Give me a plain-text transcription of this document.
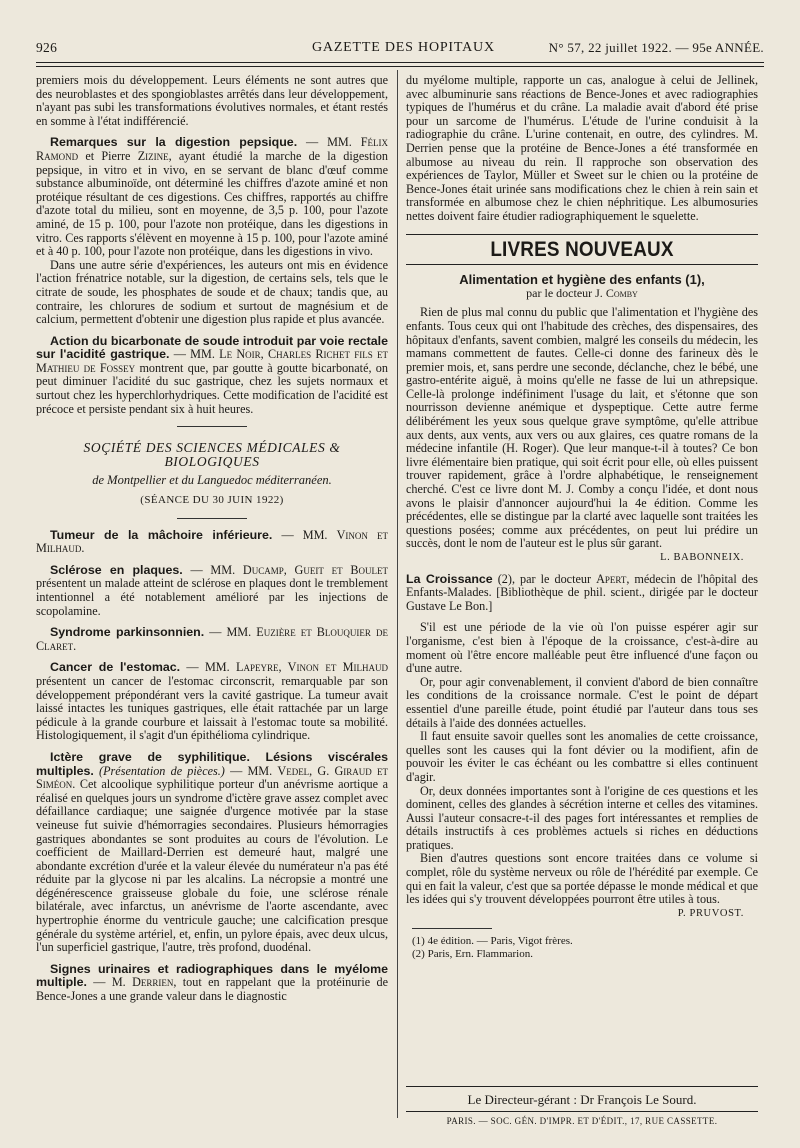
926	GAZETTE DES HOPITAUX	N° 57, 22 juillet 1922. — 95e ANNÉE.

premiers mois du développement. Leurs éléments ne sont autres que des neuroblastes et des spongioblastes arrêtés dans leur développement, n'ayant pas subi les transformations évolutives normales, et étant restés en somme à l'état indifférencié.

Remarques sur la digestion pepsique. — MM. Félix Ramond et Pierre Zizine, ayant étudié la marche de la digestion pepsique, in vitro et in vivo, en se servant de blanc d'œuf comme substance albuminoïde, ont déterminé les chiffres d'azote aminé et non protéique résultant de ces digestions. Ces chiffres, rapportés au chiffre d'azote total du milieu, sont en moyenne, de 3,5 p. 100, pour l'azote aminé, de 15 p. 100, pour l'azote non protéique, dans les digestions in vitro. Ces rapports s'élèvent en moyenne à 15 p. 100, pour l'azote aminé et à 40 p. 100, pour l'azote non protéique, dans les digestions in vivo.

Dans une autre série d'expériences, les auteurs ont mis en évidence l'action frénatrice notable, sur la digestion, de certains sels, tels que le citrate de soude, les phosphates de soude et de chaux; tandis que, au contraire, les chlorures de sodium et surtout de magnésium et de calcium, permettent d'obtenir une digestion plus rapide et plus avancée.

Action du bicarbonate de soude introduit par voie rectale sur l'acidité gastrique. — MM. Le Noir, Charles Richet fils et Mathieu de Fossey montrent que, par goutte à goutte bicarbonaté, on peut diminuer l'acidité du suc gastrique, chez les sujets normaux et surtout chez les hyperchlorhydriques. Cette modification de l'acidité est précoce et persiste pendant six à huit heures.

SOÇIÉTÉ DES SCIENCES MÉDICALES & BIOLOGIQUES
de Montpellier et du Languedoc méditerranéen.
(SÉANCE DU 30 JUIN 1922)

Tumeur de la mâchoire inférieure. — MM. Vinon et Milhaud.

Sclérose en plaques. — MM. Ducamp, Gueit et Boulet présentent un malade atteint de sclérose en plaques dont le tremblement intentionnel a été notablement amélioré par les injections de scopolamine.

Syndrome parkinsonnien. — MM. Euzière et Blouquier de Claret.

Cancer de l'estomac. — MM. Lapeyre, Vinon et Milhaud présentent un cancer de l'estomac circonscrit, remarquable par son développement prépondérant vers la cavité gastrique. La tumeur avait laissé intactes les tuniques gastriques, elle était rattachée par un large pédicule à la grande courbure et laissait à l'estomac toute sa mobilité. Histologiquement, il s'agit d'un épithélioma cylindrique.

Ictère grave de syphilitique. Lésions viscérales multiples. (Présentation de pièces.) — MM. Vedel, G. Giraud et Siméon. Cet alcoolique syphilitique porteur d'un anévrisme aortique a réalisé en quelques jours un syndrome d'ictère grave assez complet avec défaillance cardiaque; une saignée d'urgence motivée par la stase veineuse fut suivie d'hémorragies secondaires. Plusieurs hémorragies gastriques abondantes se sont produites au cours de l'évolution. Le coefficient de Maillard-Derrien est demeuré haut, malgré une abondante excrétion d'urée et la valeur élevée du numérateur n'a pas été réduite par la glycose ni par les alcalins. La nécropsie a montré une dégénérescence graisseuse globale du foie, une sclérose rénale bilatérale, avec infarctus, un anévrisme de l'aorte ascendante, avec hypertrophie énorme du ventricule gauche; une calcification presque générale du système artériel, et, enfin, un pylore épais, avec deux ulcus, l'un superficiel gastrique, l'autre, très profond, duodénal.

Signes urinaires et radiographiques dans le myélome multiple. — M. Derrien, tout en rappelant que la protéinurie de Bence-Jones a une grande valeur dans le diagnostic

du myélome multiple, rapporte un cas, analogue à celui de Jellinek, avec albuminurie sans réactions de Bence-Jones et avec radiographies typiques de l'humérus et du crâne. La maladie avait d'abord été prise pour un sarcome de l'humérus. L'étude de l'urine conduisit à la radiographie du crâne. L'urine contenait, en outre, des cylindres. M. Derrien pense que la protéine de Bence-Jones a été transformée en albumose au niveau du rein. Il rapproche son observation des expériences de Taylor, Müller et Sweet sur le chien ou la protéine de Bence-Jones était urinée sans modifications chez le chien à rein sain et transformée en albumose chez le chien néphritique. Les albumosuries nettes doivent faire étudier radiographiquement le squelette.

LIVRES NOUVEAUX
Alimentation et hygiène des enfants (1),
par le docteur J. Comby

Rien de plus mal connu du public que l'alimentation et l'hygiène des enfants. Tous ceux qui ont l'habitude des crèches, des dispensaires, des hôpitaux d'enfants, savent combien, malgré les conseils du médecin, les mamans commettent de fautes. Celle-ci donne des farineux dès le premier mois, et, sans perdre une seconde, déclanche, chez le bébé, une gastro-entérite aiguë, à moins qu'elle ne fasse de lui un athrepsique. Celle-là prolonge indéfiniment l'usage du lait, et s'étonne que son nourrisson devienne anémique et dyspeptique. Cette autre ferme délibérément les yeux sous quelque grave symptôme, qu'elle attribue aux dents, aux vents, aux vers ou aux glaires, ces quatre romans de la médecine infantile (H. Roger). Que leur manque-t-il à toutes? Ce bon livre élémentaire bien pratique, qui soit écrit pour elle, où elles puissent trouver rapidement, grâce à l'ordre alphabétique, le renseignement cherché. C'est ce livre dont M. J. Comby a conçu l'idée, et dont nous avons le plaisir d'annoncer aujourd'hui la 4e édition. Comme les précédentes, elle se distingue par la clarté avec laquelle sont traitées les questions posées; comme aux précédentes, on peut lui prédire un succès, dont le nom de l'auteur est le plus sûr garant.

L. BABONNEIX.

La Croissance (2), par le docteur Apert, médecin de l'hôpital des Enfants-Malades. [Bibliothèque de phil. scient., dirigée par le docteur Gustave Le Bon.]

S'il est une période de la vie où l'on puisse espérer agir sur l'organisme, c'est bien à l'époque de la croissance, c'est-à-dire au moment où l'être encore malléable peut être influencé d'une façon ou d'une autre.

Or, pour agir convenablement, il convient d'abord de bien connaître les conditions de la croissance normale. C'est le point de départ essentiel d'une pareille étude, point étudié par l'auteur dans tous ses détails à l'aide des données actuelles.

Il faut ensuite savoir quelles sont les anomalies de cette croissance, quelles sont les causes qui la font dévier ou la modifient, afin de pouvoir les éviter le cas échéant ou les combattre si elles continuent d'agir.

Or, deux données importantes sont à l'origine de ces questions et les dominent, celles des glandes à sécrétion interne et celles des vitamines. Aussi l'auteur consacre-t-il des pages fort intéressantes et remplies de détails instructifs à ces problèmes actuels si riches en déductions pratiques.

Bien d'autres questions sont encore traitées dans ce volume si complet, rôle du système nerveux ou rôle de l'hérédité par exemple. Ce qui en fait la valeur, c'est que sa portée dépasse le monde médical et que les idées qui s'y trouvent développées pourront être utiles à tous.

P. PRUVOST.
(1) 4e édition. — Paris, Vigot frères.
(2) Paris, Ern. Flammarion.
Le Directeur-gérant : Dr François Le Sourd.
PARIS. — SOC. GÉN. D'IMPR. ET D'ÉDIT., 17, RUE CASSETTE.
